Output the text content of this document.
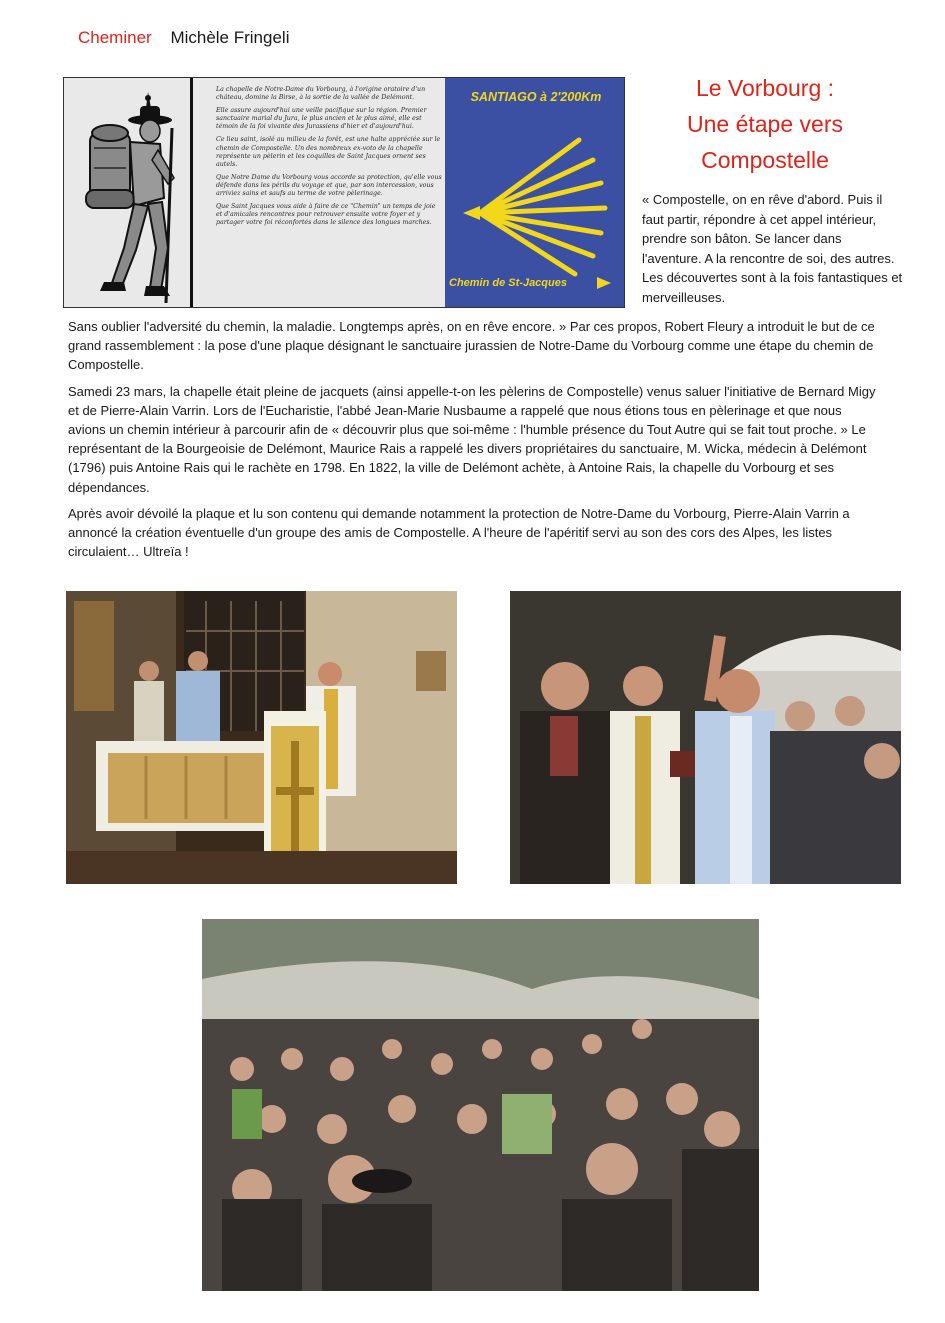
Cheminer Michèle Fringeli

La chapelle de Notre-Dame du Vorbourg, à l'origine oratoire d'un château, domine la Birse, à la sortie de la vallée de Delémont.

Elle assure aujourd'hui une veille pacifique sur la région. Premier sanctuaire marial du Jura, le plus ancien et le plus aimé, elle est témoin de la foi vivante des Jurassiens d'hier et d'aujourd'hui.

Ce lieu saint, isolé au milieu de la forêt, est une halte appréciée sur le chemin de Compostelle. Un des nombreux ex-voto de la chapelle représente un pèlerin et les coquilles de Saint Jacques ornent ses autels.

Que Notre Dame du Vorbourg vous accorde sa protection, qu'elle vous défende dans les périls du voyage et que, par son intercession, vous arriviez sains et saufs au terme de votre pèlerinage.

Que Saint Jacques vous aide à faire de ce "Chemin" un temps de joie et d'amicales rencontres pour retrouver ensuite votre foyer et y partager votre foi réconfortés dans le silence des longues marches.

SANTIAGO à 2'200Km
Chemin de St-Jacques
Le Vorbourg :
Une étape vers
Compostelle
« Compostelle, on en rêve d'abord. Puis il faut partir, répondre à cet appel intérieur, prendre son bâton. Se lancer dans l'aventure. A la rencontre de soi, des autres. Les découvertes sont à la fois fantastiques et merveilleuses.

Sans oublier l'adversité du chemin, la maladie. Longtemps après, on en rêve encore. » Par ces propos, Robert Fleury a introduit le but de ce grand rassemblement : la pose d'une plaque désignant le sanctuaire jurassien de Notre-Dame du Vorbourg comme une étape du chemin de Compostelle.

Samedi 23 mars, la chapelle était pleine de jacquets (ainsi appelle-t-on les pèlerins de Compostelle) venus saluer l'initiative de Bernard Migy et de Pierre-Alain Varrin. Lors de l'Eucharistie, l'abbé Jean-Marie Nusbaume a rappelé que nous étions tous en pèlerinage et que nous avions un chemin intérieur à parcourir afin de « découvrir plus que soi-même : l'humble présence du Tout Autre qui se fait tout proche. » Le représentant de la Bourgeoisie de Delémont, Maurice Rais a rappelé les divers propriétaires du sanctuaire, M. Wicka, médecin à Delémont (1796) puis Antoine Rais qui le rachète en 1798. En 1822, la ville de Delémont achète, à Antoine Rais, la chapelle du Vorbourg et ses dépendances.

Après avoir dévoilé la plaque et lu son contenu qui demande notamment la protection de Notre-Dame du Vorbourg, Pierre-Alain Varrin a annoncé la création éventuelle d'un groupe des amis de Compostelle. A l'heure de l'apéritif servi au son des cors des Alpes, les listes circulaient… Ultreïa !
